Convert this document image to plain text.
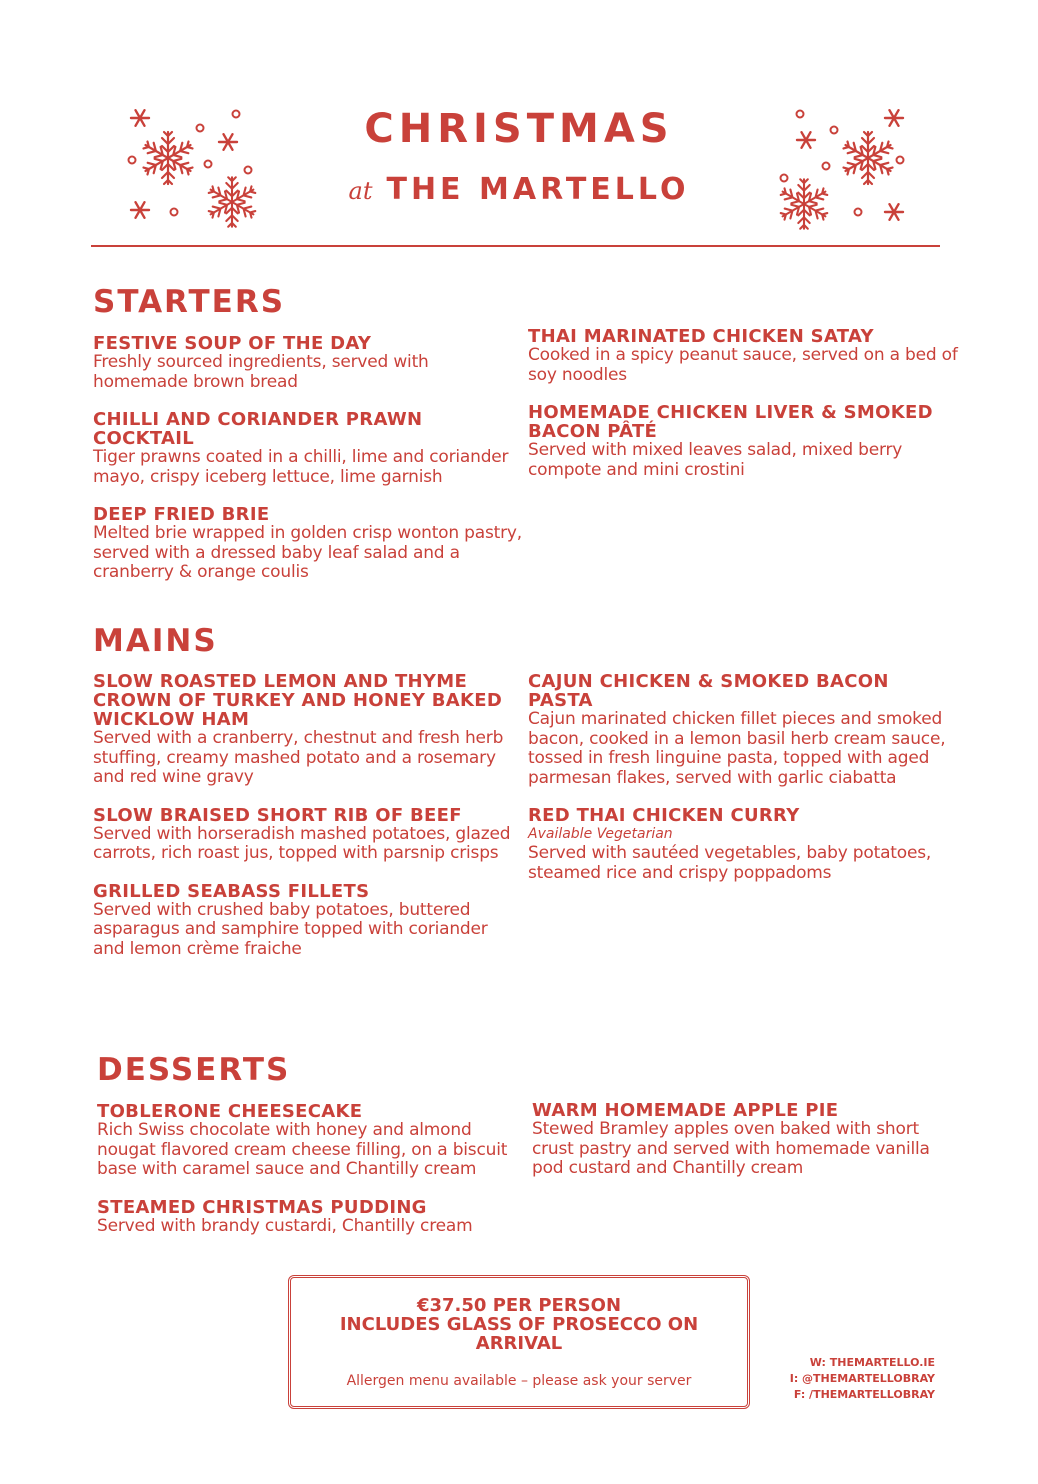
CHRISTMAS
at THE MARTELLO
STARTERS
FESTIVE SOUP OF THE DAY
Freshly sourced ingredients, served with homemade brown bread
CHILLI AND CORIANDER PRAWN COCKTAIL
Tiger prawns coated in a chilli, lime and coriander mayo, crispy iceberg lettuce, lime garnish
DEEP FRIED BRIE
Melted brie wrapped in golden crisp wonton pastry, served with a dressed baby leaf salad and a cranberry & orange coulis
THAI MARINATED CHICKEN SATAY
Cooked in a spicy peanut sauce, served on a bed of soy noodles
HOMEMADE CHICKEN LIVER & SMOKED BACON PÂTÉ
Served with mixed leaves salad, mixed berry compote and mini crostini
MAINS
SLOW ROASTED LEMON AND THYME CROWN OF TURKEY AND HONEY BAKED WICKLOW HAM
Served with a cranberry, chestnut and fresh herb stuffing, creamy mashed potato and a rosemary and red wine gravy
SLOW BRAISED SHORT RIB OF BEEF
Served with horseradish mashed potatoes, glazed carrots, rich roast jus, topped with parsnip crisps
GRILLED SEABASS FILLETS
Served with crushed baby potatoes, buttered asparagus and samphire topped with coriander and lemon crème fraiche
CAJUN CHICKEN & SMOKED BACON PASTA
Cajun marinated chicken fillet pieces and smoked bacon, cooked in a lemon basil herb cream sauce, tossed in fresh linguine pasta, topped with aged parmesan flakes, served with garlic ciabatta
RED THAI CHICKEN CURRY
Available Vegetarian
Served with sautéed vegetables, baby potatoes, steamed rice and crispy poppadoms
DESSERTS
TOBLERONE CHEESECAKE
Rich Swiss chocolate with honey and almond nougat flavored cream cheese filling, on a biscuit base with caramel sauce and Chantilly cream
STEAMED CHRISTMAS PUDDING
Served with brandy custardi, Chantilly cream
WARM HOMEMADE APPLE PIE
Stewed Bramley apples oven baked with short crust pastry and served with homemade vanilla pod custard and Chantilly cream
€37.50 PER PERSON
INCLUDES GLASS OF PROSECCO ON ARRIVAL
Allergen menu available – please ask your server
W: THEMARTELLO.IE
I: @THEMARTELLOBRAY
F: /THEMARTELLOBRAY
